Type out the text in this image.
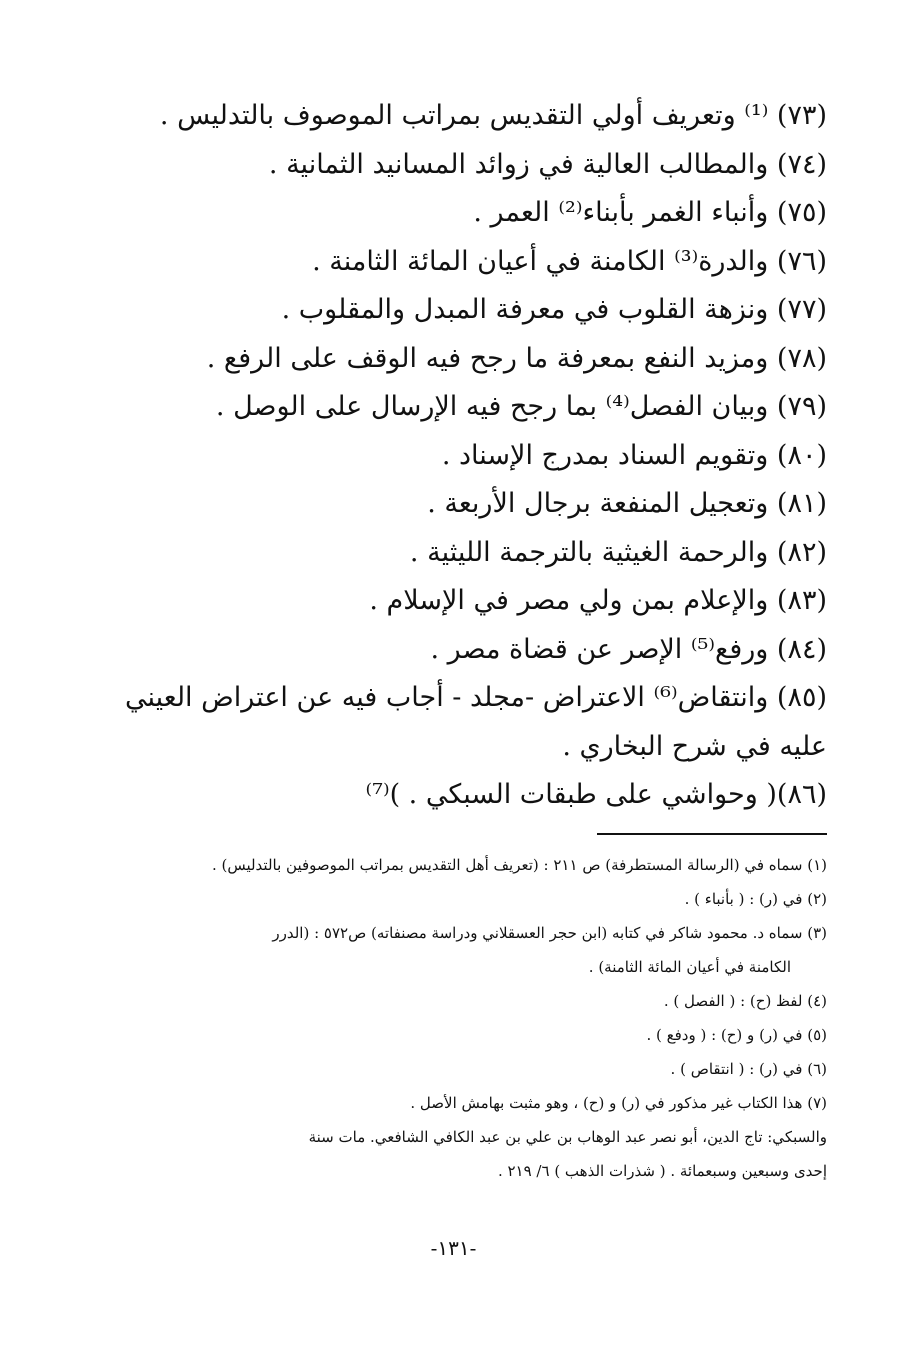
(٧٣) ⁽¹⁾ وتعريف أولي التقديس بمراتب الموصوف بالتدليس .
(٧٤) والمطالب العالية في زوائد المسانيد الثمانية .
(٧٥) وأنباء الغمر بأبناء⁽²⁾ العمر .
(٧٦) والدرة⁽³⁾ الكامنة في أعيان المائة الثامنة .
(٧٧) ونزهة القلوب في معرفة المبدل والمقلوب .
(٧٨) ومزيد النفع بمعرفة ما رجح فيه الوقف على الرفع .
(٧٩) وبيان الفصل⁽⁴⁾ بما رجح فيه الإرسال على الوصل .
(٨٠) وتقويم السناد بمدرج الإسناد .
(٨١) وتعجيل المنفعة برجال الأربعة .
(٨٢) والرحمة الغيثية بالترجمة الليثية .
(٨٣) والإعلام بمن ولي مصر في الإسلام .
(٨٤) ورفع⁽⁵⁾ الإصر عن قضاة مصر .
(٨٥) وانتقاض⁽⁶⁾ الاعتراض -مجلد - أجاب فيه عن اعتراض العيني
عليه في شرح البخاري .
(٨٦)( وحواشي على طبقات السبكي . )⁽⁷⁾
(١) سماه في (الرسالة المستطرفة) ص ٢١١ : (تعريف أهل التقديس بمراتب الموصوفين بالتدليس) .
(٢) في (ر) : ( بأنباء ) .
(٣) سماه د. محمود شاكر في كتابه (ابن حجر العسقلاني ودراسة مصنفاته) ص٥٧٢ : (الدرر
الكامنة في أعيان المائة الثامنة) .
(٤) لفظ (ح) : ( الفصل ) .
(٥) في (ر) و (ح) : ( ودفع ) .
(٦) في (ر) : ( انتقاص ) .
(٧) هذا الكتاب غير مذكور في (ر) و (ح) ، وهو مثبت بهامش الأصل .
والسبكي: تاج الدين، أبو نصر عبد الوهاب بن علي بن عبد الكافي الشافعي. مات سنة
إحدى وسبعين وسبعمائة . ( شذرات الذهب ) ٦/ ٢١٩ .
-١٣١-
